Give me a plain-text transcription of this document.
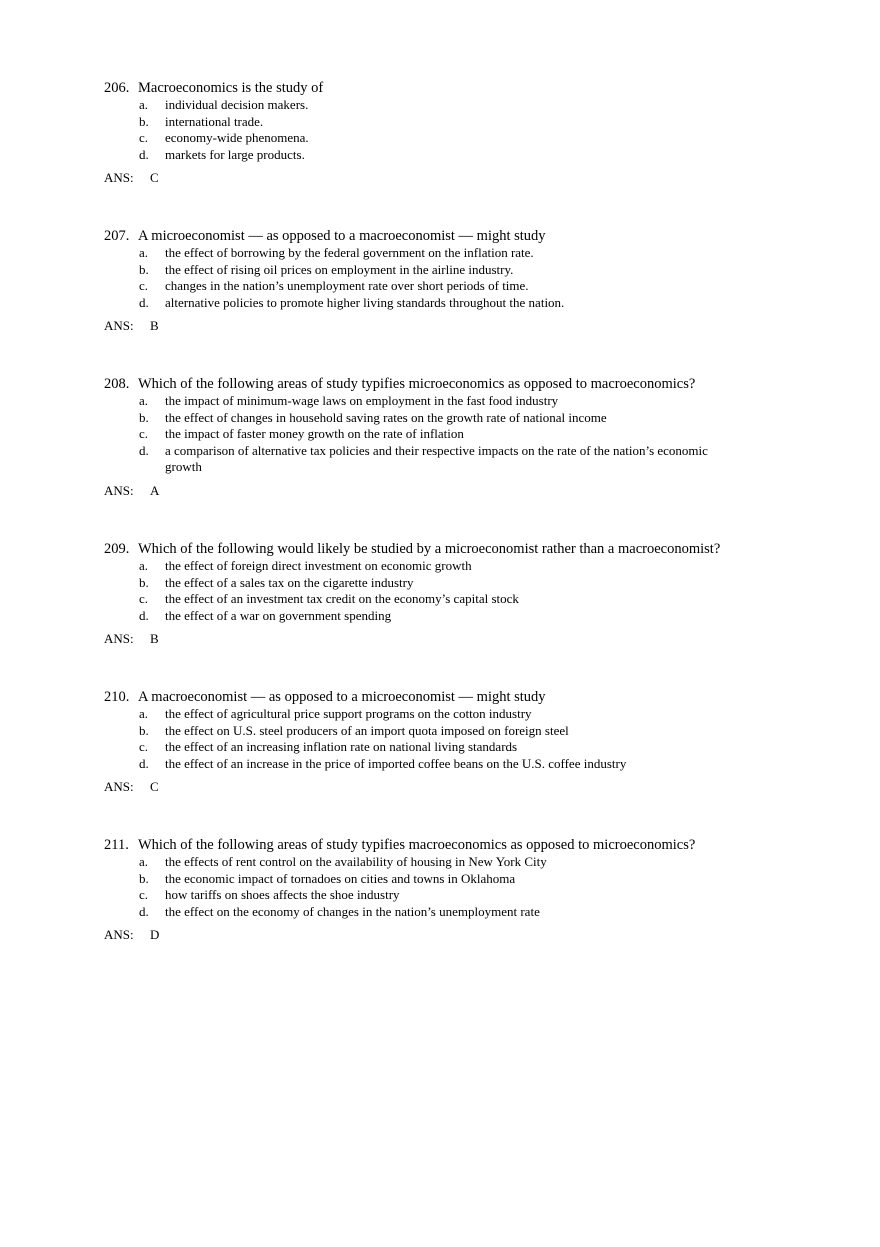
206. Macroeconomics is the study of
a. individual decision makers.
b. international trade.
c. economy-wide phenomena.
d. markets for large products.
ANS: C
207. A microeconomist — as opposed to a macroeconomist — might study
a. the effect of borrowing by the federal government on the inflation rate.
b. the effect of rising oil prices on employment in the airline industry.
c. changes in the nation’s unemployment rate over short periods of time.
d. alternative policies to promote higher living standards throughout the nation.
ANS: B
208. Which of the following areas of study typifies microeconomics as opposed to macroeconomics?
a. the impact of minimum-wage laws on employment in the fast food industry
b. the effect of changes in household saving rates on the growth rate of national income
c. the impact of faster money growth on the rate of inflation
d. a comparison of alternative tax policies and their respective impacts on the rate of the nation’s economic growth
ANS: A
209. Which of the following would likely be studied by a microeconomist rather than a macroeconomist?
a. the effect of foreign direct investment on economic growth
b. the effect of a sales tax on the cigarette industry
c. the effect of an investment tax credit on the economy’s capital stock
d. the effect of a war on government spending
ANS: B
210. A macroeconomist — as opposed to a microeconomist — might study
a. the effect of agricultural price support programs on the cotton industry
b. the effect on U.S. steel producers of an import quota imposed on foreign steel
c. the effect of an increasing inflation rate on national living standards
d. the effect of an increase in the price of imported coffee beans on the U.S. coffee industry
ANS: C
211. Which of the following areas of study typifies macroeconomics as opposed to microeconomics?
a. the effects of rent control on the availability of housing in New York City
b. the economic impact of tornadoes on cities and towns in Oklahoma
c. how tariffs on shoes affects the shoe industry
d. the effect on the economy of changes in the nation’s unemployment rate
ANS: D
